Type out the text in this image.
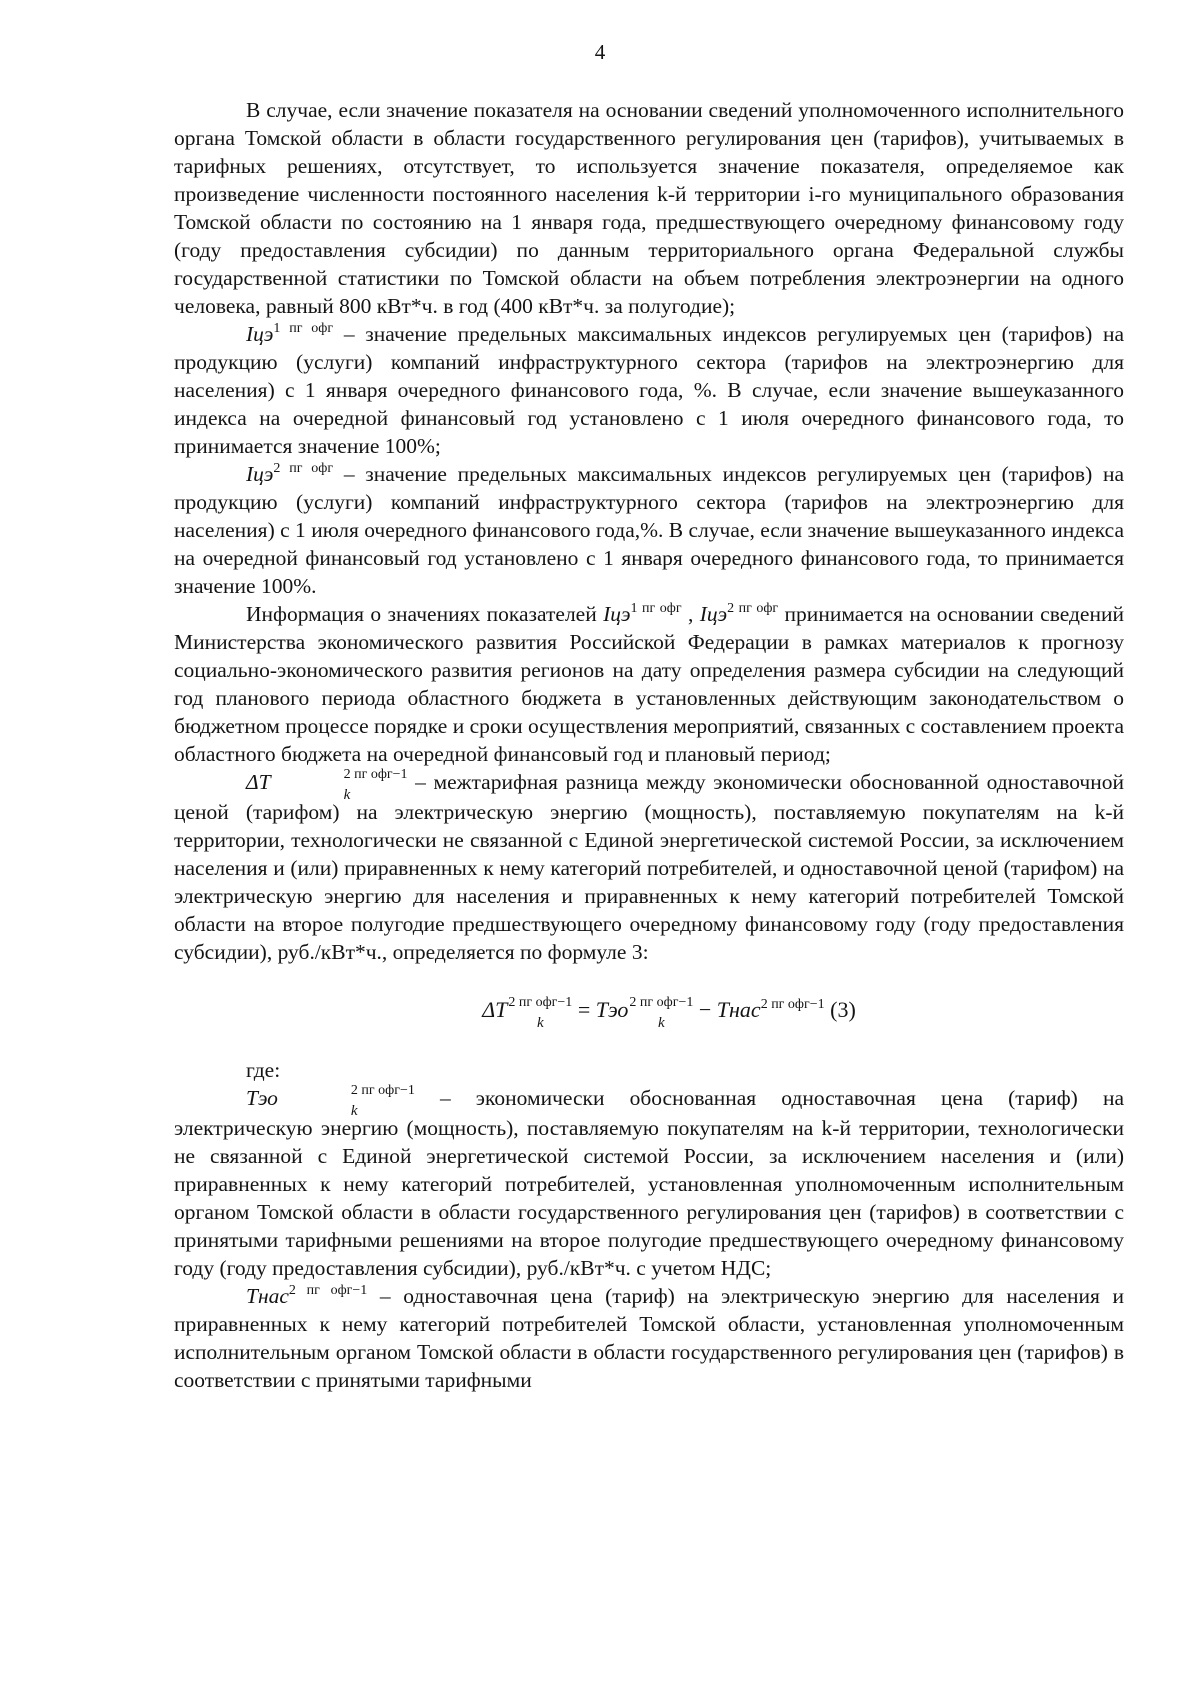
4

В случае, если значение показателя на основании сведений уполномоченного исполнительного органа Томской области в области государственного регулирования цен (тарифов), учитываемых в тарифных решениях, отсутствует, то используется значение показателя, определяемое как произведение численности постоянного населения k-й территории i-го муниципального образования Томской области по состоянию на 1 января года, предшествующего очередному финансовому году (году предоставления субсидии) по данным территориального органа Федеральной службы государственной статистики по Томской области на объем потребления электроэнергии на одного человека, равный 800 кВт*ч. в год (400 кВт*ч. за полугодие);

Iцэ$^{1 пг офг}$ – значение предельных максимальных индексов регулируемых цен (тарифов) на продукцию (услуги) компаний инфраструктурного сектора (тарифов на электроэнергию для населения) с 1 января очередного финансового года, %. В случае, если значение вышеуказанного индекса на очередной финансовый год установлено с 1 июля очередного финансового года, то принимается значение 100%;

Iцэ$^{2 пг офг}$ – значение предельных максимальных индексов регулируемых цен (тарифов) на продукцию (услуги) компаний инфраструктурного сектора (тарифов на электроэнергию для населения) с 1 июля очередного финансового года,%. В случае, если значение вышеуказанного индекса на очередной финансовый год установлено с 1 января очередного финансового года, то принимается значение 100%.

Информация о значениях показателей Iцэ$^{1 пг офг}$ , Iцэ$^{2 пг офг}$ принимается на основании сведений Министерства экономического развития Российской Федерации в рамках материалов к прогнозу социально-экономического развития регионов на дату определения размера субсидии на следующий год планового периода областного бюджета в установленных действующим законодательством о бюджетном процессе порядке и сроки осуществления мероприятий, связанных с составлением проекта областного бюджета на очередной финансовый год и плановый период;

ΔT	2 пг офг−1
k
– межтарифная разница между экономически обоснованной одноставочной ценой (тарифом) на электрическую энергию (мощность), поставляемую покупателям на k-й территории, технологически не связанной с Единой энергетической системой России, за исключением населения и (или) приравненных к нему категорий потребителей, и одноставочной ценой (тарифом) на электрическую энергию для населения и приравненных к нему категорий потребителей Томской области на второе полугодие предшествующего очередному финансовому году (году предоставления субсидии), руб./кВт*ч., определяется по формуле 3:

ΔT 2 пг офг−1
k
= Tэо 2 пг офг−1
k
− Tнас$^{2 пг офг-1}$ (3)

где:

Tэо	2 пг офг−1
k
– экономически обоснованная одноставочная цена (тариф) на электрическую энергию (мощность), поставляемую покупателям на k-й территории, технологически не связанной с Единой энергетической системой России, за исключением населения и (или) приравненных к нему категорий потребителей, установленная уполномоченным исполнительным органом Томской области в области государственного регулирования цен (тарифов) в соответствии с принятыми тарифными решениями на второе полугодие предшествующего очередному финансовому году (году предоставления субсидии), руб./кВт*ч. с учетом НДС;

Tнас$^{2 пг офг-1}$ – одноставочная цена (тариф) на электрическую энергию для населения и приравненных к нему категорий потребителей Томской области, установленная уполномоченным исполнительным органом Томской области в области государственного регулирования цен (тарифов) в соответствии с принятыми тарифными
